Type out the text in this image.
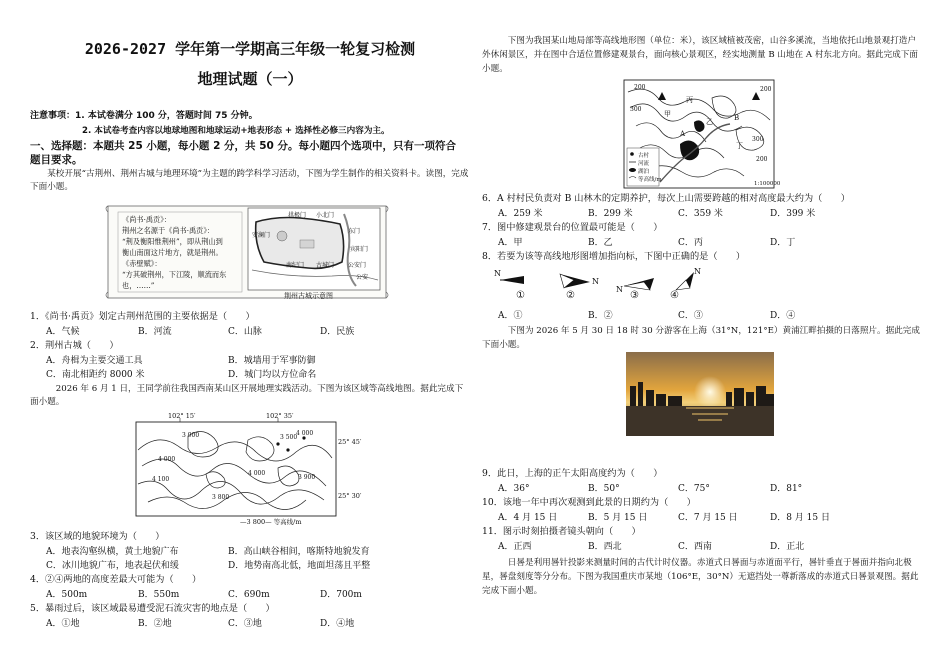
2026-2027 学年第一学期高三年级一轮复习检测
地理试题（一）
注意事项：1. 本试卷满分 100 分，答题时间 75 分钟。
2. 本试卷考查内容以地球地图和地球运动+地表形态 + 选择性必修三内容为主。
一、选择题：本题共 25 小题，每小题 2 分，共 50 分。每小题四个选项中，只有一项符合
题目要求。
某校开展“古荆州、荆州古城与地理环境”为主题的跨学科学习活动，下图为学生制作的相关资料卡。读图，完成下面小题。
《尚书·禹贡》：
荆州之名源于《尚书·禹贡》：
“荆及衡阳惟荆州”，即从荆山到
衡山南面这片地方，就是荆州。
《赤壁赋》：
“方其破荆州，下江陵，顺流而东
也，……”
拱极门 小北门
安澜门
东门
宾阳门
公安门
南纪门 古城门
公安
荆州古城示意图
1．《尚书·禹贡》划定古荆州范围的主要依据是（　　）
A．气候	B．河流	C．山脉	D．民族
2．荆州古城（　　）
A．舟楫为主要交通工具	B．城墙用于军事防御
C．南北相距约 8000 米	D．城门均以方位命名
2026 年 6 月 1 日，王同学前往我国西南某山区开展地理实践活动。下图为该区域等高线地图。据此完成下面小题。
102° 15′	102° 35′
25° 45′
25° 30′
3 900
4 000
4 100
3 800
3 500
4 000
3 900
4 000
—3 800— 等高线/m
3．该区域的地貌环境为（　　）
A．地表沟壑纵横，黄土地貌广布	B．高山峡谷相间，喀斯特地貌发育
C．冰川地貌广布，地表起伏和缓	D．地势南高北低，地面坦荡且平整
4．②④两地的高度差最大可能为（　　）
A．500m	B．550m	C．690m	D．700m
5．暴雨过后，该区域最易遭受泥石流灾害的地点是（　　）
A．①地	B．②地	C．③地	D．④地
下图为我国某山地局部等高线地形图（单位：米），该区域植被茂密，山谷多溪流，当地依托山地景观打造户外休闲景区，并在图中合适位置修建观景台，面向核心景观区，经实地测量 B 山地在 A 村东北方向。据此完成下面小题。
200
300
200
丙
乙
甲
A
B
丁
300
200
古村
河流
湖泊
等高线/m
1:100000
6．A 村村民负责对 B 山林木的定期养护，每次上山需要跨越的相对高度最大约为（　　）
A．259 米	B．299 米	C．359 米	D．399 米
7．图中修建观景台的位置最可能是（　　）
A．甲	B．乙	C．丙	D．丁
8．若要为该等高线地形图增加指向标，下图中正确的是（　　）
N
N
N
N
①	②	③	④
A．①	B．②	C．③	D．④
下图为 2026 年 5 月 30 日 18 时 30 分游客在上海（31°N，121°E）黄浦江畔拍摄的日落照片。据此完成下面小题。
9．此日，上海的正午太阳高度约为（　　）
A．36°	B．50°	C．75°	D．81°
10．该地一年中再次观测到此景的日期约为（　　）
A．4 月 15 日	B．5 月 15 日	C．7 月 15 日	D．8 月 15 日
11．图示时刻拍摄者镜头朝向（　　）
A．正西	B．西北	C．西南	D．正北
日晷是利用晷针投影来测量时间的古代计时仪器。赤道式日晷面与赤道面平行，晷针垂直于晷面并指向北极星，晷盘刻度等分分布。下图为我国重庆市某地（106°E，30°N）无遮挡处一尊新落成的赤道式日晷景观图。据此完成下面小题。
